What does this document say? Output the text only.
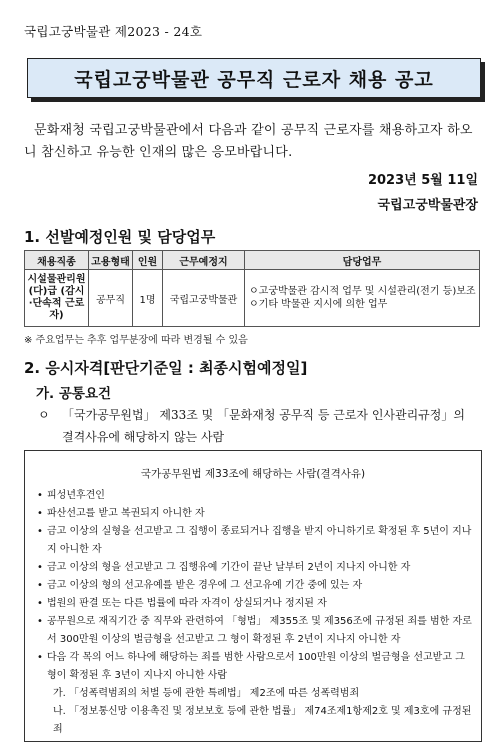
국립고궁박물관 제2023 - 24호
국립고궁박물관 공무직 근로자 채용 공고
문화재청 국립고궁박물관에서 다음과 같이 공무직 근로자를 채용하고자 하오니 참신하고 유능한 인재의 많은 응모바랍니다.
2023년 5월 11일
국립고궁박물관장
1. 선발예정인원 및 담당업무
채용직종	고용형태	인원	근무예정지	담당업무
시설물관리원 (다)급 (감시·단속적 근로자)	공무직	1명	국립고궁박물관	ㅇ고궁박물관 감시적 업무 및 시설관리(전기 등)보조
ㅇ기타 박물관 지시에 의한 업무
※ 주요업무는 추후 업무분장에 따라 변경될 수 있음
2. 응시자격[판단기준일 : 최종시험예정일]
가. 공통요건
ㅇ	「국가공무원법」 제33조 및 「문화재청 공무직 등 근로자 인사관리규정」의 결격사유에 해당하지 않는 사람
국가공무원법 제33조에 해당하는 사람(결격사유)
• 피성년후견인
• 파산선고를 받고 복권되지 아니한 자
• 금고 이상의 실형을 선고받고 그 집행이 종료되거나 집행을 받지 아니하기로 확정된 후 5년이 지나지 아니한 자
• 금고 이상의 형을 선고받고 그 집행유예 기간이 끝난 날부터 2년이 지나지 아니한 자
• 금고 이상의 형의 선고유예를 받은 경우에 그 선고유예 기간 중에 있는 자
• 법원의 판결 또는 다른 법률에 따라 자격이 상실되거나 정지된 자
• 공무원으로 재직기간 중 직무와 관련하여 「형법」 제355조 및 제356조에 규정된 죄를 범한 자로서 300만원 이상의 벌금형을 선고받고 그 형이 확정된 후 2년이 지나지 아니한 자
• 다음 각 목의 어느 하나에 해당하는 죄를 범한 사람으로서 100만원 이상의 벌금형을 선고받고 그 형이 확정된 후 3년이 지나지 아니한 사람
가. 「성폭력범죄의 처벌 등에 관한 특례법」 제2조에 따른 성폭력범죄
나. 「정보통신망 이용촉진 및 정보보호 등에 관한 법률」 제74조제1항제2호 및 제3호에 규정된 죄
